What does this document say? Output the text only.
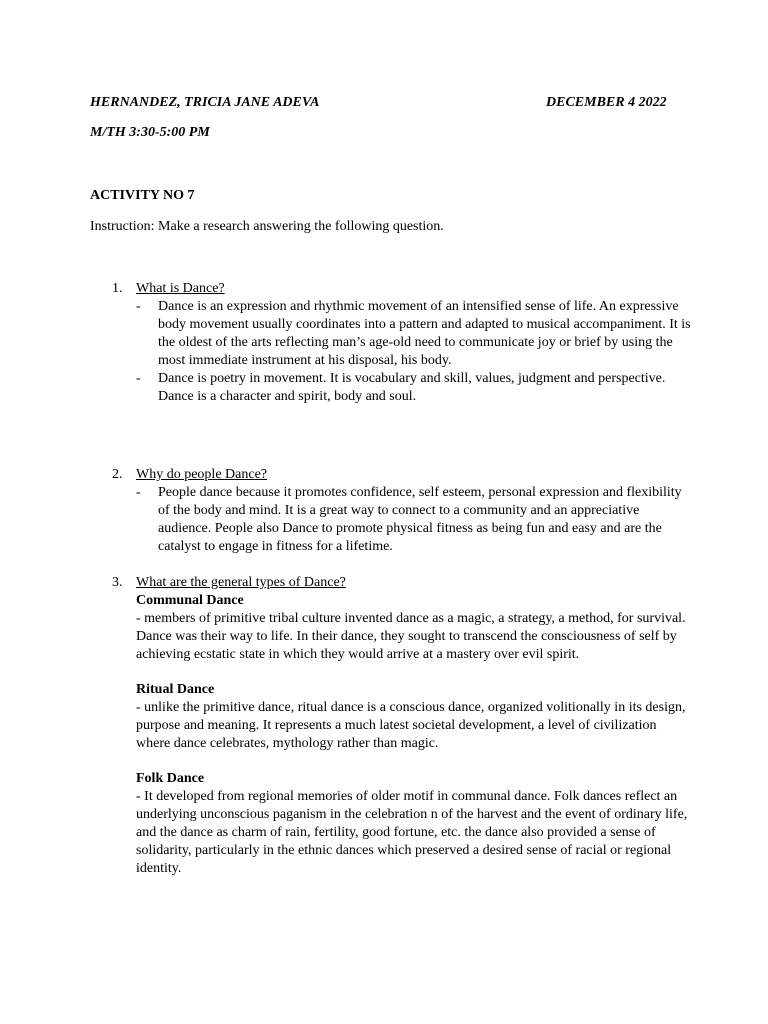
HERNANDEZ, TRICIA JANE ADEVA	DECEMBER 4 2022
M/TH 3:30-5:00 PM
ACTIVITY NO 7
Instruction: Make a research answering the following question.
1. What is Dance?
- Dance is an expression and rhythmic movement of an intensified sense of life. An expressive body movement usually coordinates into a pattern and adapted to musical accompaniment. It is the oldest of the arts reflecting man’s age-old need to communicate joy or brief by using the most immediate instrument at his disposal, his body.
- Dance is poetry in movement. It is vocabulary and skill, values, judgment and perspective. Dance is a character and spirit, body and soul.
2. Why do people Dance?
- People dance because it promotes confidence, self esteem, personal expression and flexibility of the body and mind. It is a great way to connect to a community and an appreciative audience. People also Dance to promote physical fitness as being fun and easy and are the catalyst to engage in fitness for a lifetime.
3. What are the general types of Dance?
Communal Dance
- members of primitive tribal culture invented dance as a magic, a strategy, a method, for survival. Dance was their way to life. In their dance, they sought to transcend the consciousness of self by achieving ecstatic state in which they would arrive at a mastery over evil spirit.
Ritual Dance
- unlike the primitive dance, ritual dance is a conscious dance, organized volitionally in its design, purpose and meaning. It represents a much latest societal development, a level of civilization where dance celebrates, mythology rather than magic.
Folk Dance
- It developed from regional memories of older motif in communal dance. Folk dances reflect an underlying unconscious paganism in the celebration n of the harvest and the event of ordinary life, and the dance as charm of rain, fertility, good fortune, etc. the dance also provided a sense of solidarity, particularly in the ethnic dances which preserved a desired sense of racial or regional identity.
